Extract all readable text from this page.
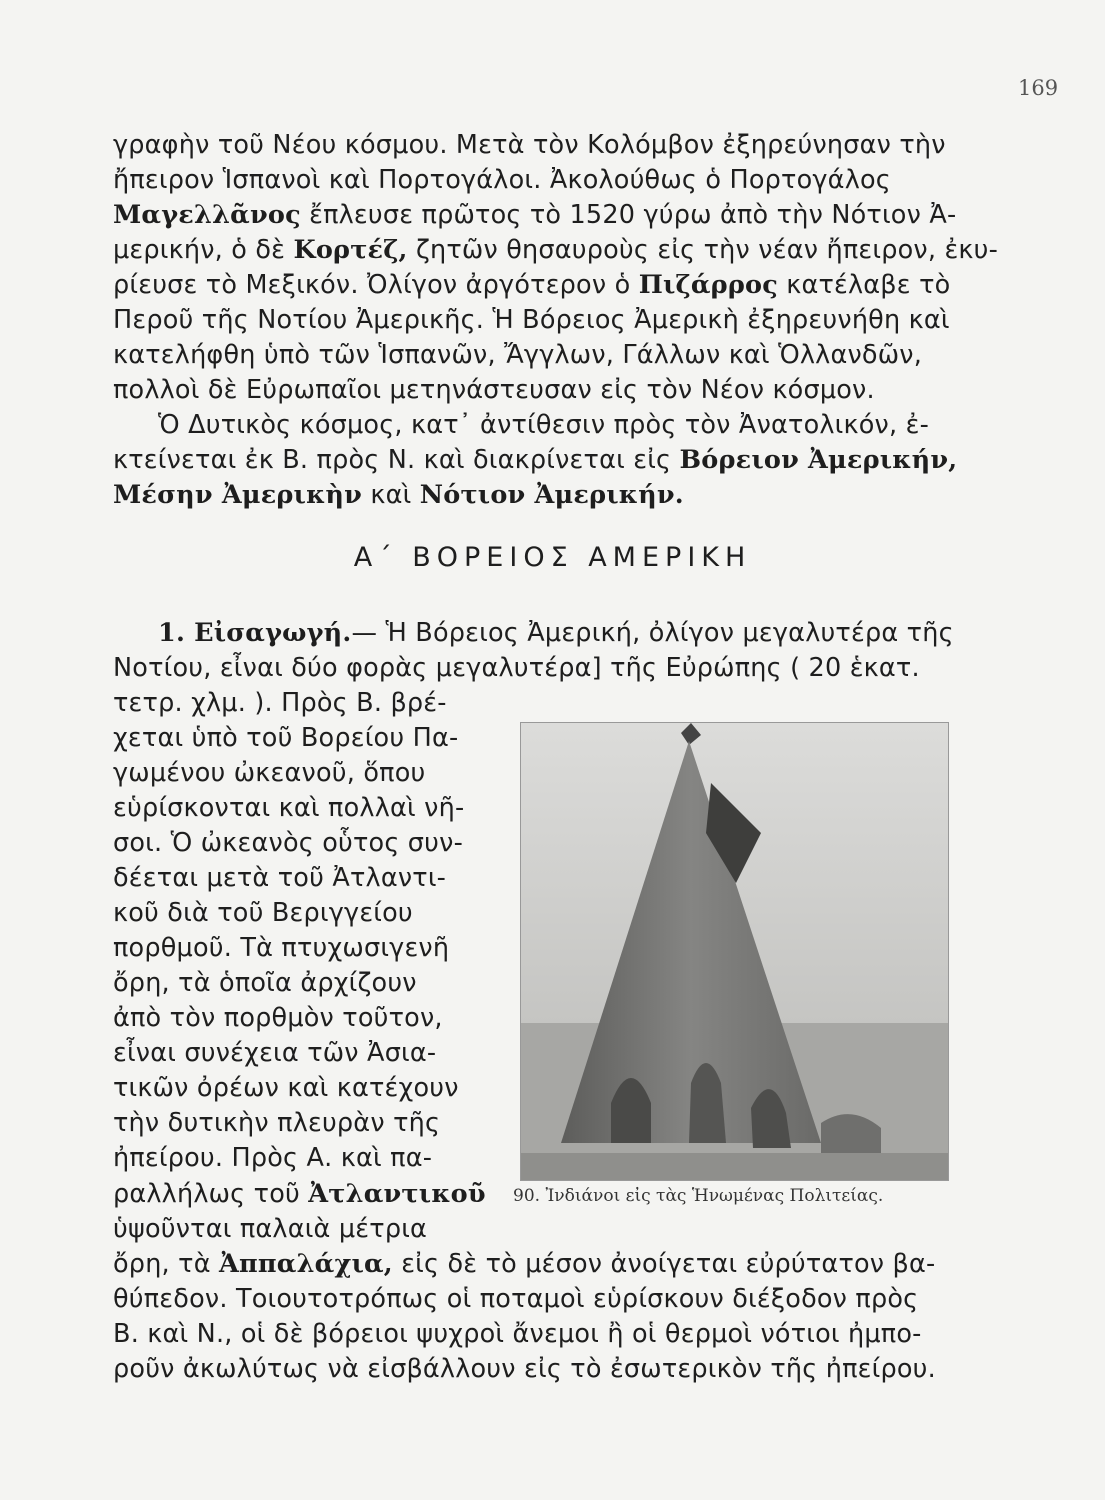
169
γραφὴν τοῦ Νέου κόσμου. Μετὰ τὸν Κολόμβον ἐξηρεύνησαν τὴν
ἤπειρον Ἱσπανοὶ καὶ Πορτογάλοι. Ἀκολούθως ὁ Πορτογάλος
Μαγελλᾶνος ἔπλευσε πρῶτος τὸ 1520 γύρω ἀπὸ τὴν Νότιον Ἀ-
μερικήν, ὁ δὲ Κορτέζ, ζητῶν θησαυροὺς εἰς τὴν νέαν ἤπειρον, ἐκυ-
ρίευσε τὸ Μεξικόν. Ὀλίγον ἀργότερον ὁ Πιζάρρος κατέλαβε τὸ
Περοῦ τῆς Νοτίου Ἀμερικῆς. Ἡ Βόρειος Ἀμερικὴ ἐξηρευνήθη καὶ
κατελήφθη ὑπὸ τῶν Ἱσπανῶν, Ἄγγλων, Γάλλων καὶ Ὁλλανδῶν,
πολλοὶ δὲ Εὐρωπαῖοι μετηνάστευσαν εἰς τὸν Νέον κόσμον.
Ὁ Δυτικὸς κόσμος, κατ᾿ ἀντίθεσιν πρὸς τὸν Ἀνατολικόν, ἐ-
κτείνεται ἐκ Β. πρὸς Ν. καὶ διακρίνεται εἰς Βόρειον Ἀμερικήν,
Μέσην Ἀμερικὴν καὶ Νότιον Ἀμερικήν.
Α΄ ΒΟΡΕΙΟΣ ΑΜΕΡΙΚΗ
1. Εἰσαγωγή.— Ἡ Βόρειος Ἀμερική, ὀλίγον μεγαλυτέρα τῆς
Νοτίου, εἶναι δύο φορὰς μεγαλυτέρα] τῆς Εὐρώπης ( 20 ἑκατ.
τετρ. χλμ. ). Πρὸς Β. βρέ-
χεται ὑπὸ τοῦ Βορείου Πα-
γωμένου ὠκεανοῦ, ὅπου
εὑρίσκονται καὶ πολλαὶ νῆ-
σοι. Ὁ ὠκεανὸς οὗτος συν-
δέεται μετὰ τοῦ Ἀτλαντι-
κοῦ διὰ τοῦ Βεριγγείου
πορθμοῦ. Τὰ πτυχωσιγενῆ
ὄρη, τὰ ὁποῖα ἀρχίζουν
ἀπὸ τὸν πορθμὸν τοῦτον,
εἶναι συνέχεια τῶν Ἀσια-
τικῶν ὀρέων καὶ κατέχουν
τὴν δυτικὴν πλευρὰν τῆς
ἠπείρου. Πρὸς Α. καὶ πα-
ραλλήλως τοῦ Ἀτλαντικοῦ
ὑψοῦνται παλαιὰ μέτρια
ὄρη, τὰ Ἀππαλάχια, εἰς δὲ τὸ μέσον ἀνοίγεται εὐρύτατον βα-
θύπεδον. Τοιουτοτρόπως οἱ ποταμοὶ εὑρίσκουν διέξοδον πρὸς
Β. καὶ Ν., οἱ δὲ βόρειοι ψυχροὶ ἄνεμοι ἢ οἱ θερμοὶ νότιοι ἠμπο-
ροῦν ἀκωλύτως νὰ εἰσβάλλουν εἰς τὸ ἐσωτερικὸν τῆς ἠπείρου.
90. Ἰνδιάνοι εἰς τὰς Ἡνωμένας Πολιτείας.
